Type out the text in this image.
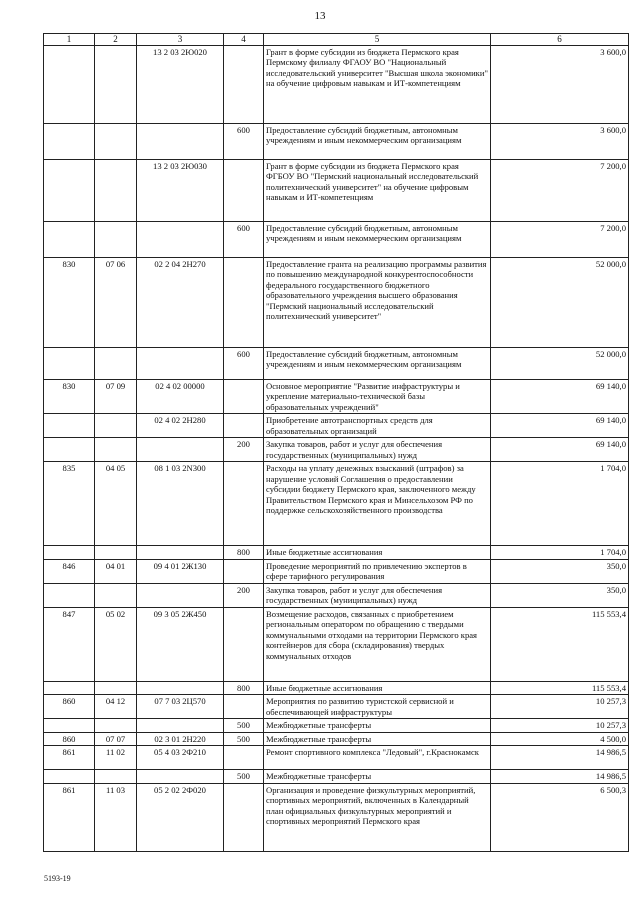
13
1	2	3	4	5	6
		13 2 03 2Ю020		Грант в форме субсидии из бюджета Пермского края Пермскому филиалу ФГАОУ ВО "Национальный исследовательский университет "Высшая школа экономики" на обучение цифровым навыкам и ИТ-компетенциям	3 600,0
			600	Предоставление субсидий бюджетным, автономным учреждениям и иным некоммерческим организациям	3 600,0
		13 2 03 2Ю030		Грант в форме субсидии из бюджета Пермского края ФГБОУ ВО "Пермский национальный исследовательский политехнический университет" на обучение цифровым навыкам и ИТ-компетенциям	7 200,0
			600	Предоставление субсидий бюджетным, автономным учреждениям и иным некоммерческим организациям	7 200,0
830	07 06	02 2 04 2Н270		Предоставление гранта на реализацию программы развития по повышению международной конкурентоспособности федерального государственного бюджетного образовательного учреждения высшего образования "Пермский национальный исследовательский политехнический университет"	52 000,0
			600	Предоставление субсидий бюджетным, автономным учреждениям и иным некоммерческим организациям	52 000,0
830	07 09	02 4 02 00000		Основное мероприятие "Развитие инфраструктуры и укрепление материально-технической базы образовательных учреждений"	69 140,0
		02 4 02 2Н280		Приобретение автотранспортных средств для образовательных организаций	69 140,0
			200	Закупка товаров, работ и услуг для обеспечения государственных (муниципальных) нужд	69 140,0
835	04 05	08 1 03 2N300		Расходы на уплату денежных взысканий (штрафов) за нарушение условий Соглашения о предоставлении субсидии бюджету Пермского края, заключенного между Правительством Пермского края и Минсельхозом РФ по поддержке сельскохозяйственного производства	1 704,0
			800	Иные бюджетные ассигнования	1 704,0
846	04 01	09 4 01 2Ж130		Проведение мероприятий по привлечению экспертов в сфере тарифного регулирования	350,0
			200	Закупка товаров, работ и услуг для обеспечения государственных (муниципальных) нужд	350,0
847	05 02	09 3 05 2Ж450		Возмещение расходов, связанных с приобретением региональным оператором по обращению с твердыми коммунальными отходами на территории Пермского края контейнеров для сбора (складирования) твердых коммунальных отходов	115 553,4
			800	Иные бюджетные ассигнования	115 553,4
860	04 12	07 7 03 2Ц570		Мероприятия по развитию туристской сервисной и обеспечивающей инфраструктуры	10 257,3
			500	Межбюджетные трансферты	10 257,3
860	07 07	02 3 01 2Н220	500	Межбюджетные трансферты	4 500,0
861	11 02	05 4 03 2Ф210		Ремонт спортивного комплекса "Ледовый", г.Краснокамск	14 986,5
			500	Межбюджетные трансферты	14 986,5
861	11 03	05 2 02 2Ф020		Организация и проведение физкультурных мероприятий, спортивных мероприятий, включенных в Календарный план официальных физкультурных мероприятий и спортивных мероприятий Пермского края	6 500,3
5193-19
